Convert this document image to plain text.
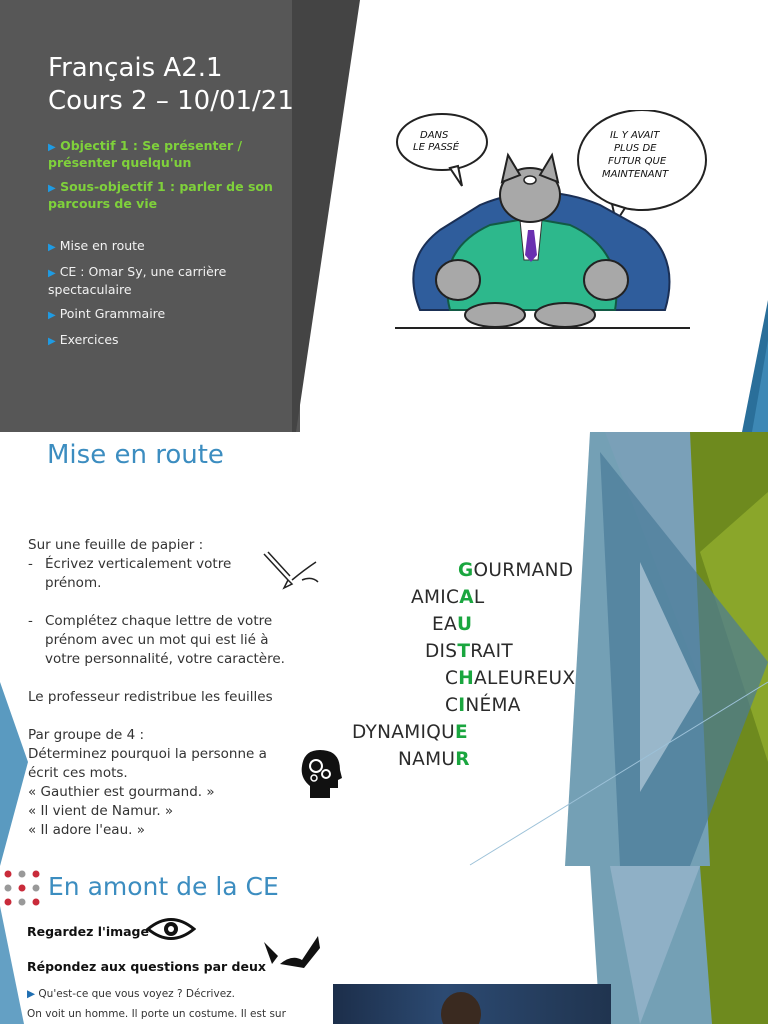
Français A2.1
Cours 2 – 10/01/21
▶ Objectif 1 : Se présenter /
présenter quelqu'un
▶ Sous-objectif 1 : parler de son
parcours de vie
▶ Mise en route
▶ CE : Omar Sy, une carrière
spectaculaire
▶ Point Grammaire
▶ Exercices
DANS
LE PASSÉ
IL Y AVAIT
PLUS DE
FUTUR QUE
MAINTENANT
Mise en route
Sur une feuille de papier :
- Écrivez verticalement votre
prénom.
- Complétez chaque lettre de votre
prénom avec un mot qui est lié à
votre personnalité, votre caractère.
Le professeur redistribue les feuilles
Par groupe de 4 :
Déterminez pourquoi la personne a
écrit ces mots.
« Gauthier est gourmand. »
« Il vient de Namur. »
« Il adore l'eau. »
GOURMAND
AMICAL
EAU
DISTRAIT
CHALEUREUX
CINÉMA
DYNAMIQUE
NAMUR
En amont de la CE
Regardez l'image
Répondez aux questions par deux
▶ Qu'est-ce que vous voyez ? Décrivez.
On voit un homme. Il porte un costume. Il est sur
